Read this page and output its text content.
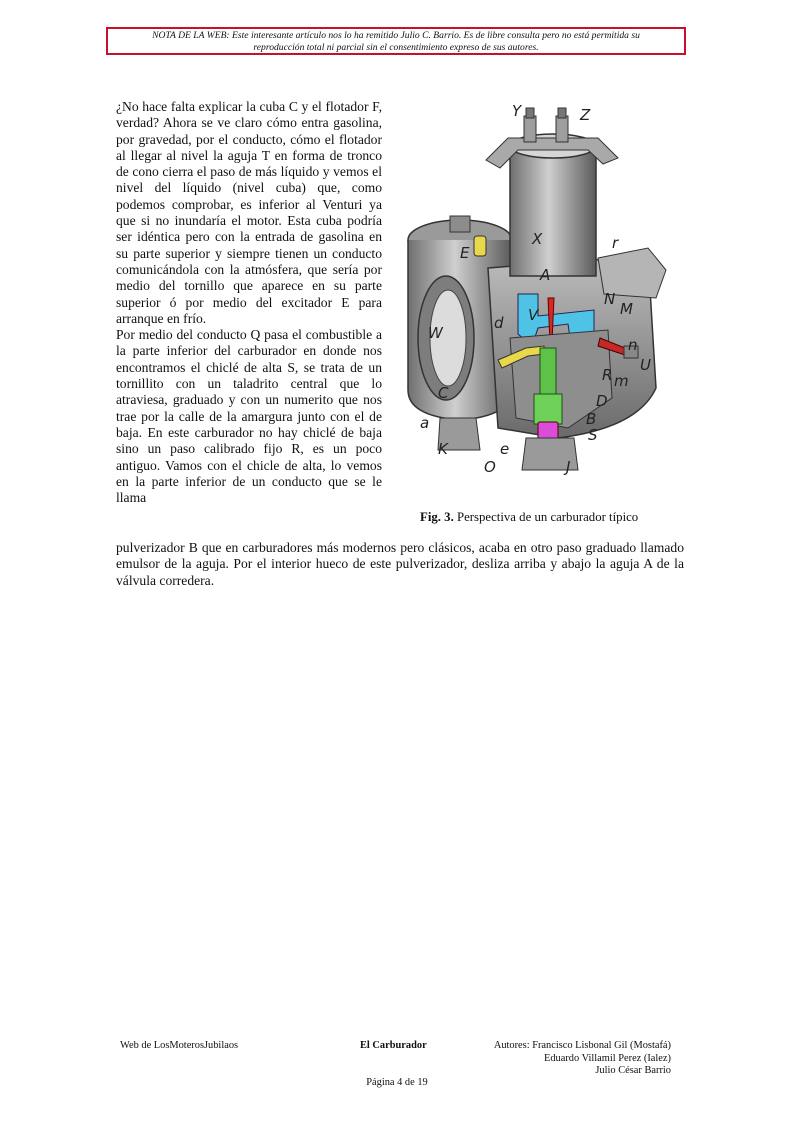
NOTA DE LA WEB: Este interesante artículo nos lo ha remitido Julio C. Barrio. Es de libre consulta pero no está permitida su
reproducción total ni parcial sin el consentimiento expreso de sus autores.

¿No hace falta explicar la cuba C y el flotador F, verdad? Ahora se ve claro cómo entra gasolina, por gravedad, por el conducto, cómo el flotador al llegar al nivel la aguja T en forma de tronco de cono cierra el paso de más líquido y vemos el nivel del líquido (nivel cuba) que, como podemos comprobar, es inferior al Venturi ya que si no inundaría el motor. Esta cuba podría ser idéntica pero con la entrada de gasolina en su parte superior y siempre tienen un conducto comunicándola con la atmósfera, que sería por medio del tornillo que aparece en su parte superior ó por medio del excitador E para arranque en frío.

Por medio del conducto Q pasa el combustible a la parte inferior del carburador en donde nos encontramos el chiclé de alta S, se trata de un tornillito con un taladrito central que lo atraviesa, graduado y con un numerito que nos trae por la calle de la amargura junto con el de baja. En este carburador no hay chiclé de baja sino un paso calibrado fijo R, es un poco antiguo. Vamos con el chicle de alta, lo vemos en la parte inferior de un conducto que se le llama

pulverizador B que en carburadores más modernos pero clásicos, acaba en otro paso graduado llamado emulsor de la aguja. Por el interior hueco de este pulverizador, desliza arriba y abajo la aguja A de la válvula corredera.

Y	Z
E
X	r
A
N
M
W
d V
n
U
R m
C	D
B
S
a
K
O
e
J
Fig. 3. Perspectiva de un carburador típico
Web de LosMoterosJubilaos	El Carburador	Autores: Francisco Lisbonal Gil (Mostafá)
Eduardo Villamil Perez (Ialez)
Julio César Barrio
Página 4 de 19
